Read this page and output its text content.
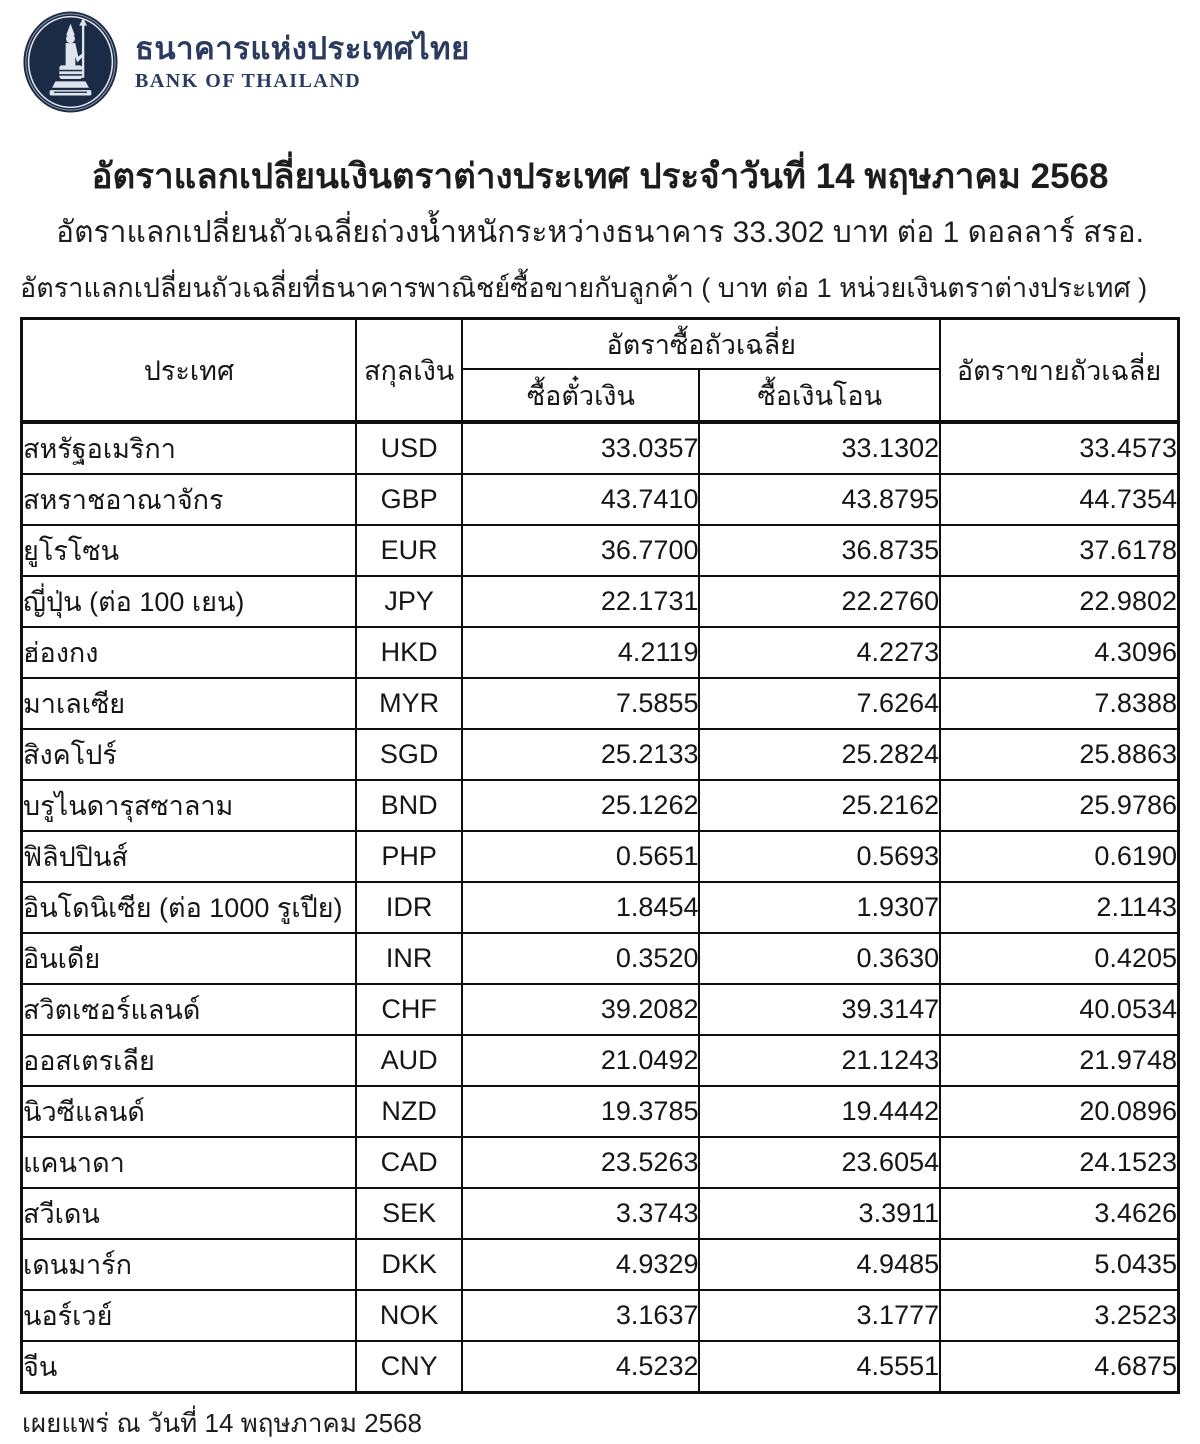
ธนาคารแห่งประเทศไทย
BANK OF THAILAND
อัตราแลกเปลี่ยนเงินตราต่างประเทศ ประจำวันที่ 14 พฤษภาคม 2568
อัตราแลกเปลี่ยนถัวเฉลี่ยถ่วงน้ำหนักระหว่างธนาคาร 33.302 บาท ต่อ 1 ดอลลาร์ สรอ.
อัตราแลกเปลี่ยนถัวเฉลี่ยที่ธนาคารพาณิชย์ซื้อขายกับลูกค้า ( บาท ต่อ 1 หน่วยเงินตราต่างประเทศ )
ประเทศ	สกุลเงิน	อัตราซื้อถัวเฉลี่ย		อัตราขายถัวเฉลี่ย
		ซื้อตั๋วเงิน	ซื้อเงินโอน	
สหรัฐอเมริกา	USD	33.0357	33.1302	33.4573
สหราชอาณาจักร	GBP	43.7410	43.8795	44.7354
ยูโรโซน	EUR	36.7700	36.8735	37.6178
ญี่ปุ่น (ต่อ 100 เยน)	JPY	22.1731	22.2760	22.9802
ฮ่องกง	HKD	4.2119	4.2273	4.3096
มาเลเซีย	MYR	7.5855	7.6264	7.8388
สิงคโปร์	SGD	25.2133	25.2824	25.8863
บรูไนดารุสซาลาม	BND	25.1262	25.2162	25.9786
ฟิลิปปินส์	PHP	0.5651	0.5693	0.6190
อินโดนิเซีย (ต่อ 1000 รูเปีย)	IDR	1.8454	1.9307	2.1143
อินเดีย	INR	0.3520	0.3630	0.4205
สวิตเซอร์แลนด์	CHF	39.2082	39.3147	40.0534
ออสเตรเลีย	AUD	21.0492	21.1243	21.9748
นิวซีแลนด์	NZD	19.3785	19.4442	20.0896
แคนาดา	CAD	23.5263	23.6054	24.1523
สวีเดน	SEK	3.3743	3.3911	3.4626
เดนมาร์ก	DKK	4.9329	4.9485	5.0435
นอร์เวย์	NOK	3.1637	3.1777	3.2523
จีน	CNY	4.5232	4.5551	4.6875
เผยแพร่ ณ วันที่ 14 พฤษภาคม 2568
